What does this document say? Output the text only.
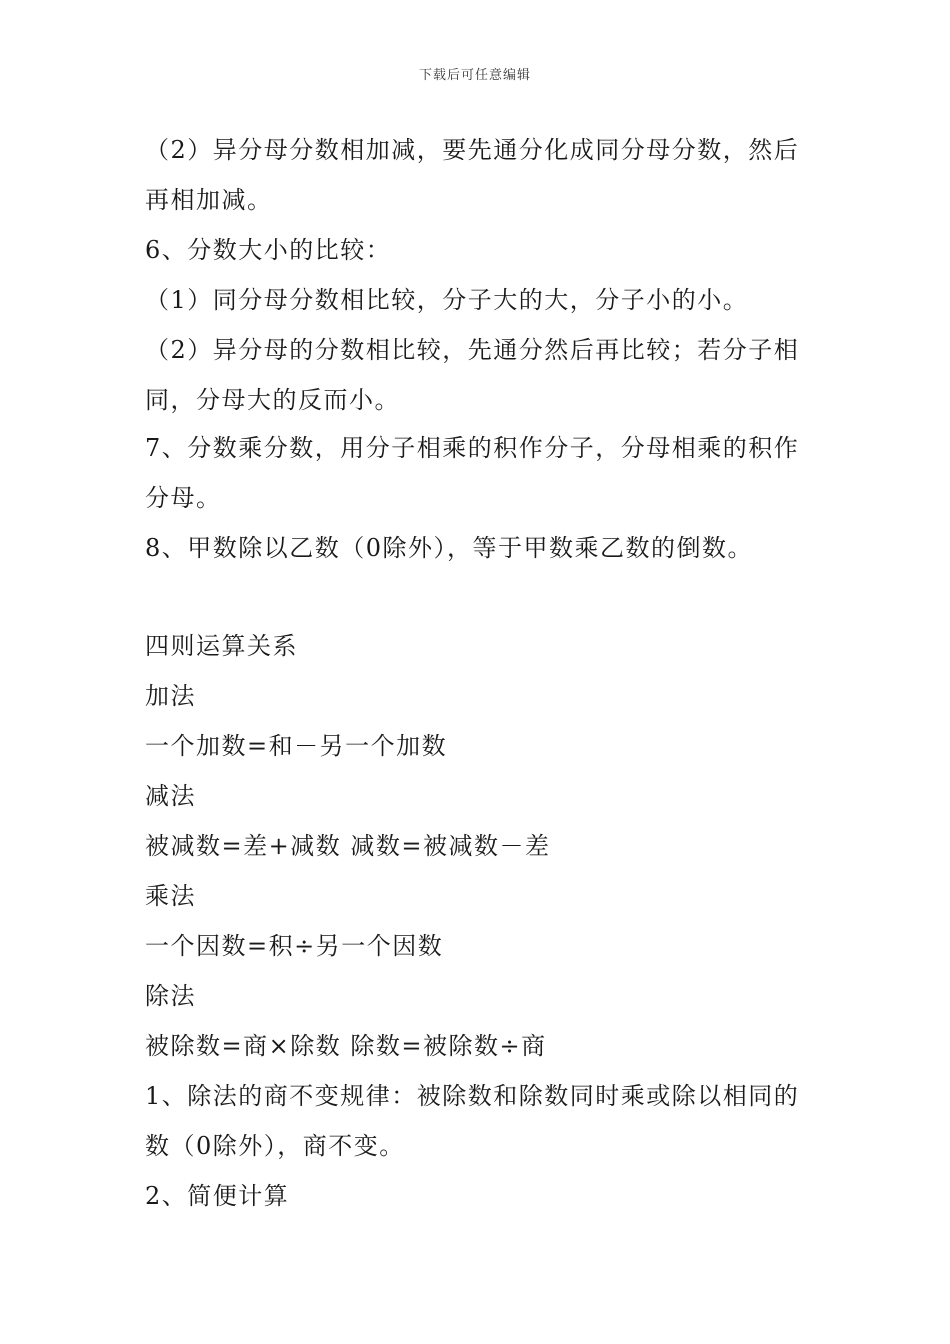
下载后可任意编辑
（2）异分母分数相加减，要先通分化成同分母分数，然后
再相加减。
6、分数大小的比较：
（1）同分母分数相比较，分子大的大，分子小的小。
（2）异分母的分数相比较，先通分然后再比较；若分子相
同，分母大的反而小。
7、分数乘分数，用分子相乘的积作分子，分母相乘的积作
分母。
8、甲数除以乙数（0除外），等于甲数乘乙数的倒数。
四则运算关系
加法
一个加数=和－另一个加数
减法
被减数=差+减数 减数=被减数－差
乘法
一个因数=积÷另一个因数
除法
被除数=商×除数 除数=被除数÷商
1、除法的商不变规律：被除数和除数同时乘或除以相同的
数（0除外），商不变。
2、简便计算
